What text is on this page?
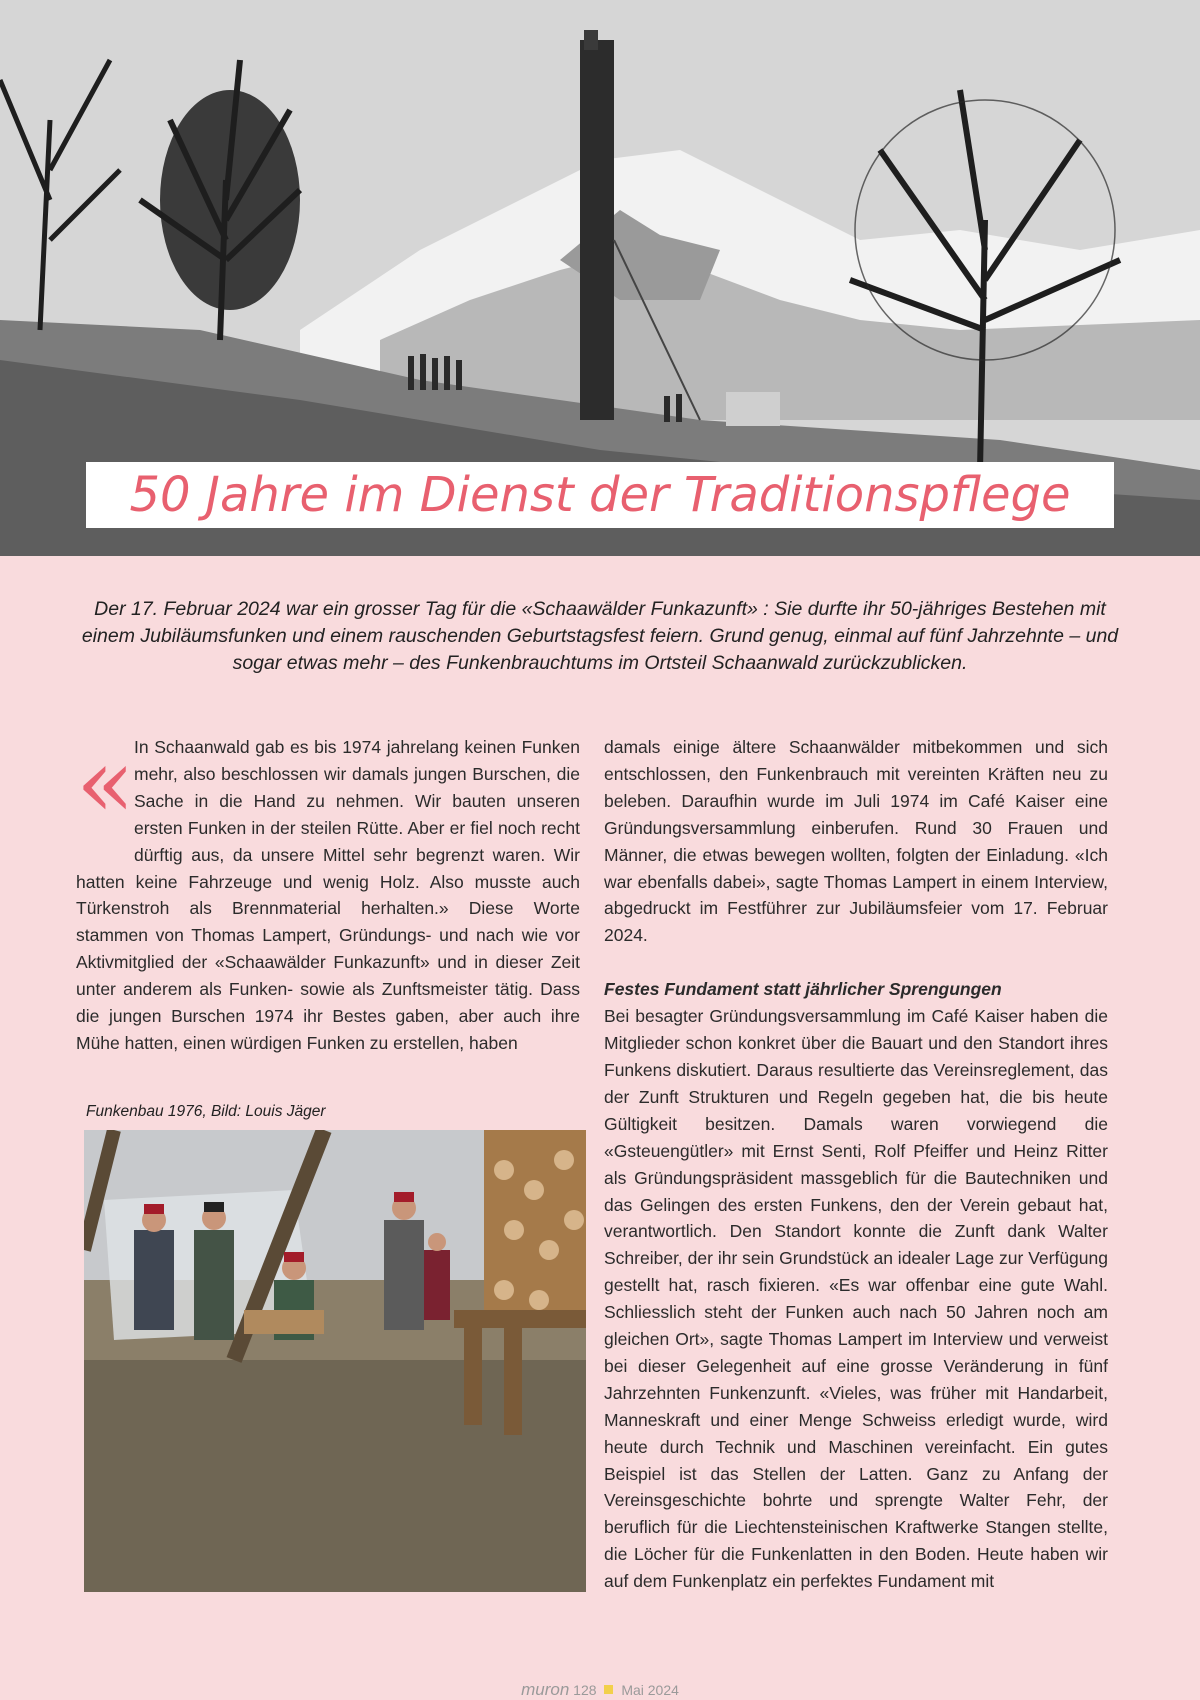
50 Jahre im Dienst der Traditionspflege
Der 17. Februar 2024 war ein grosser Tag für die «Schaawälder Funkazunft» : Sie durfte ihr 50-jähriges Bestehen mit einem Jubiläumsfunken und einem rauschenden Geburtstagsfest feiern. Grund genug, einmal auf fünf Jahrzehnte – und sogar etwas mehr – des Funkenbrauchtums im Ortsteil Schaanwald zurückzublicken.
« In Schaanwald gab es bis 1974 jahrelang keinen Funken mehr, also beschlossen wir damals jungen Burschen, die Sache in die Hand zu nehmen. Wir bauten unseren ersten Funken in der steilen Rütte. Aber er fiel noch recht dürftig aus, da unsere Mittel sehr begrenzt waren. Wir hatten keine Fahrzeuge und wenig Holz. Also musste auch Türkenstroh als Brennmaterial herhalten.» Diese Worte stammen von Thomas Lampert, Gründungs- und nach wie vor Aktivmitglied der «Schaawälder Funkazunft» und in dieser Zeit unter anderem als Funken- sowie als Zunftsmeister tätig. Dass die jungen Burschen 1974 ihr Bestes gaben, aber auch ihre Mühe hatten, einen würdigen Funken zu erstellen, haben
Funkenbau 1976, Bild: Louis Jäger
damals einige ältere Schaanwälder mitbekommen und sich entschlossen, den Funkenbrauch mit vereinten Kräften neu zu beleben. Daraufhin wurde im Juli 1974 im Café Kaiser eine Gründungsversammlung einberufen. Rund 30 Frauen und Männer, die etwas bewegen wollten, folgten der Einladung. «Ich war ebenfalls dabei», sagte Thomas Lampert in einem Interview, abgedruckt im Festführer zur Jubiläumsfeier vom 17. Februar 2024.
Festes Fundament statt jährlicher Sprengungen
Bei besagter Gründungsversammlung im Café Kaiser haben die Mitglieder schon konkret über die Bauart und den Standort ihres Funkens diskutiert. Daraus resultierte das Vereinsreglement, das der Zunft Strukturen und Regeln gegeben hat, die bis heute Gültigkeit besitzen. Damals waren vorwiegend die «Gsteuengütler» mit Ernst Senti, Rolf Pfeiffer und Heinz Ritter als Gründungspräsident massgeblich für die Bautechniken und das Gelingen des ersten Funkens, den der Verein gebaut hat, verantwortlich. Den Standort konnte die Zunft dank Walter Schreiber, der ihr sein Grundstück an idealer Lage zur Verfügung gestellt hat, rasch fixieren. «Es war offenbar eine gute Wahl. Schliesslich steht der Funken auch nach 50 Jahren noch am gleichen Ort», sagte Thomas Lampert im Interview und verweist bei dieser Gelegenheit auf eine grosse Veränderung in fünf Jahrzehnten Funkenzunft. «Vieles, was früher mit Handarbeit, Manneskraft und einer Menge Schweiss erledigt wurde, wird heute durch Technik und Maschinen vereinfacht. Ein gutes Beispiel ist das Stellen der Latten. Ganz zu Anfang der Vereinsgeschichte bohrte und sprengte Walter Fehr, der beruflich für die Liechtensteinischen Kraftwerke Stangen stellte, die Löcher für die Funkenlatten in den Boden. Heute haben wir auf dem Funkenplatz ein perfektes Fundament mit
muron 128 Mai 2024
